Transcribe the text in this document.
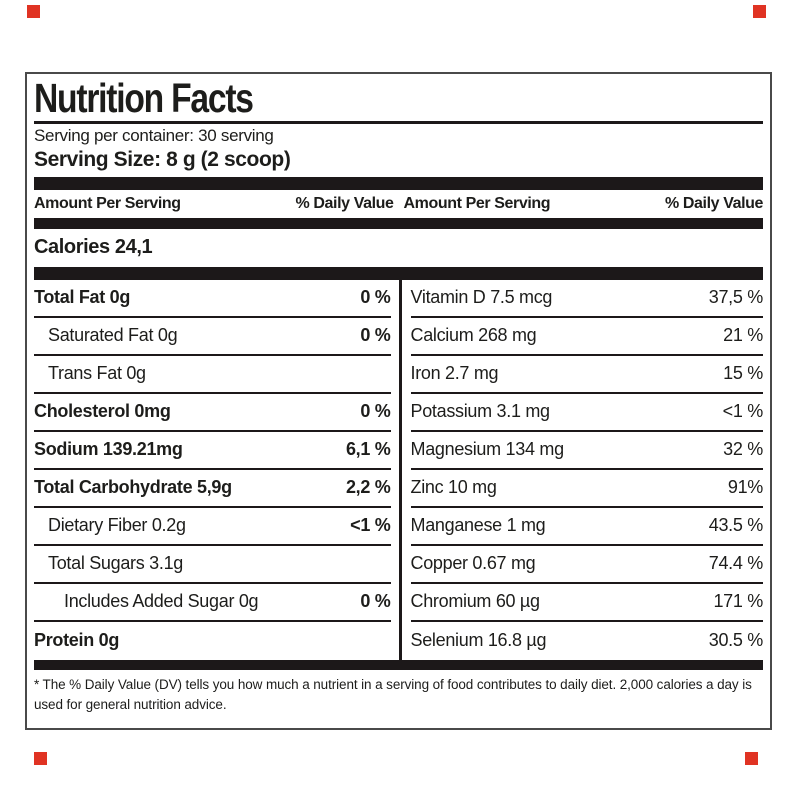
Nutrition Facts
Serving per container: 30 serving
Serving Size: 8 g (2 scoop)
Amount Per Serving	% Daily Value Amount Per Serving	% Daily Value
Calories 24,1
Total Fat 0g	0 %
Saturated Fat 0g	0 %
Trans Fat 0g
Cholesterol 0mg	0 %
Sodium 139.21mg	6,1 %
Total Carbohydrate 5,9g	2,2 %
Dietary Fiber 0.2g	<1 %
Total Sugars 3.1g
Includes Added Sugar 0g	0 %
Protein 0g
Vitamin D 7.5 mcg	37,5 %
Calcium 268 mg	21 %
Iron 2.7 mg	15 %
Potassium 3.1 mg	<1 %
Magnesium 134 mg	32 %
Zinc 10 mg	91%
Manganese 1 mg	43.5 %
Copper 0.67 mg	74.4 %
Chromium 60 µg	171 %
Selenium 16.8 µg	30.5 %
* The % Daily Value (DV) tells you how much a nutrient in a serving of food contributes to daily diet. 2,000 calories a day is used for general nutrition advice.
